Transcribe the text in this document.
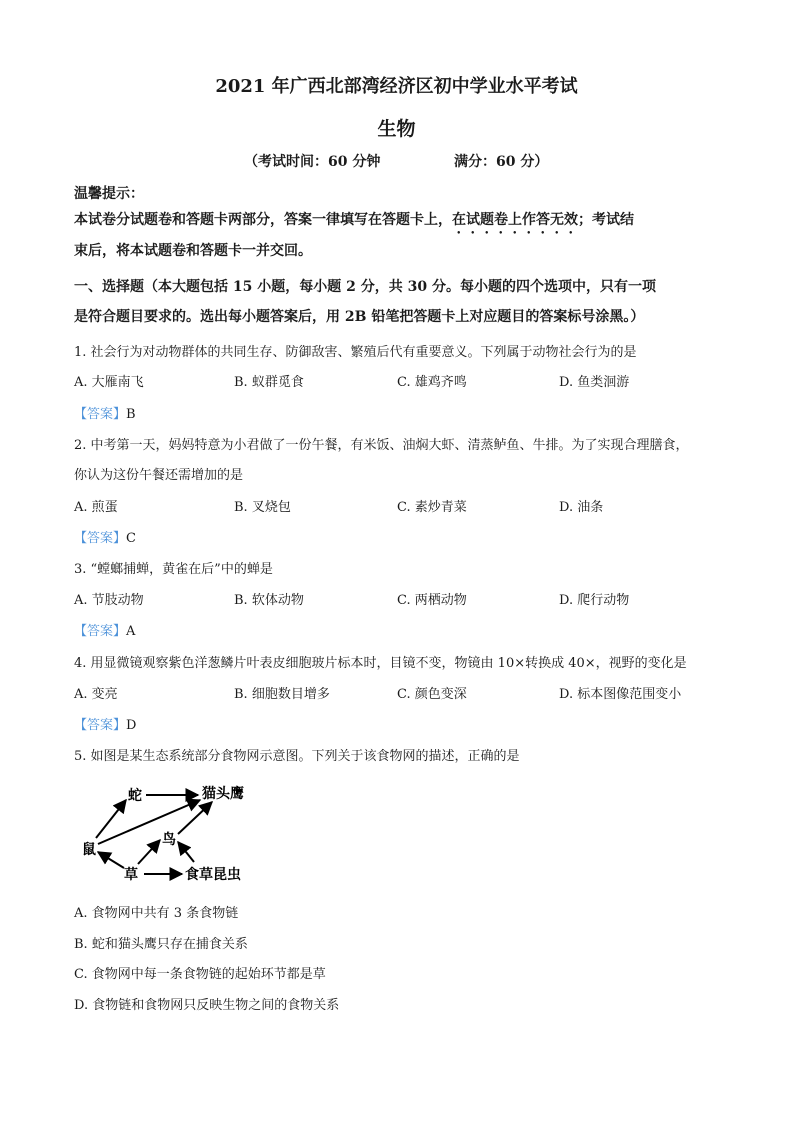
2021 年广西北部湾经济区初中学业水平考试
生物
（考试时间：60 分钟	满分：60 分）
温馨提示：
本试卷分试题卷和答题卡两部分，答案一律填写在答题卡上，在试题卷上作答无效；考试结
束后，将本试题卷和答题卡一并交回。
一、选择题（本大题包括 15 小题，每小题 2 分，共 30 分。每小题的四个选项中，只有一项
是符合题目要求的。选出每小题答案后，用 2B 铅笔把答题卡上对应题目的答案标号涂黑。）
1. 社会行为对动物群体的共同生存、防御敌害、繁殖后代有重要意义。下列属于动物社会行为的是
A. 大雁南飞	B. 蚁群觅食	C. 雄鸡齐鸣	D. 鱼类洄游
【答案】B
2. 中考第一天，妈妈特意为小君做了一份午餐，有米饭、油焖大虾、清蒸鲈鱼、牛排。为了实现合理膳食，
你认为这份午餐还需增加的是
A. 煎蛋	B. 叉烧包	C. 素炒青菜	D. 油条
【答案】C
3. “螳螂捕蝉，黄雀在后”中的蝉是
A. 节肢动物	B. 软体动物	C. 两栖动物	D. 爬行动物
【答案】A
4. 用显微镜观察紫色洋葱鳞片叶表皮细胞玻片标本时，目镜不变，物镜由 10×转换成 40×，视野的变化是
A. 变亮	B. 细胞数目增多	C. 颜色变深	D. 标本图像范围变小
【答案】D
5. 如图是某生态系统部分食物网示意图。下列关于该食物网的描述，正确的是
蛇	猫头鹰
鸟
鼠
草	食草昆虫
A. 食物网中共有 3 条食物链
B. 蛇和猫头鹰只存在捕食关系
C. 食物网中每一条食物链的起始环节都是草
D. 食物链和食物网只反映生物之间的食物关系
